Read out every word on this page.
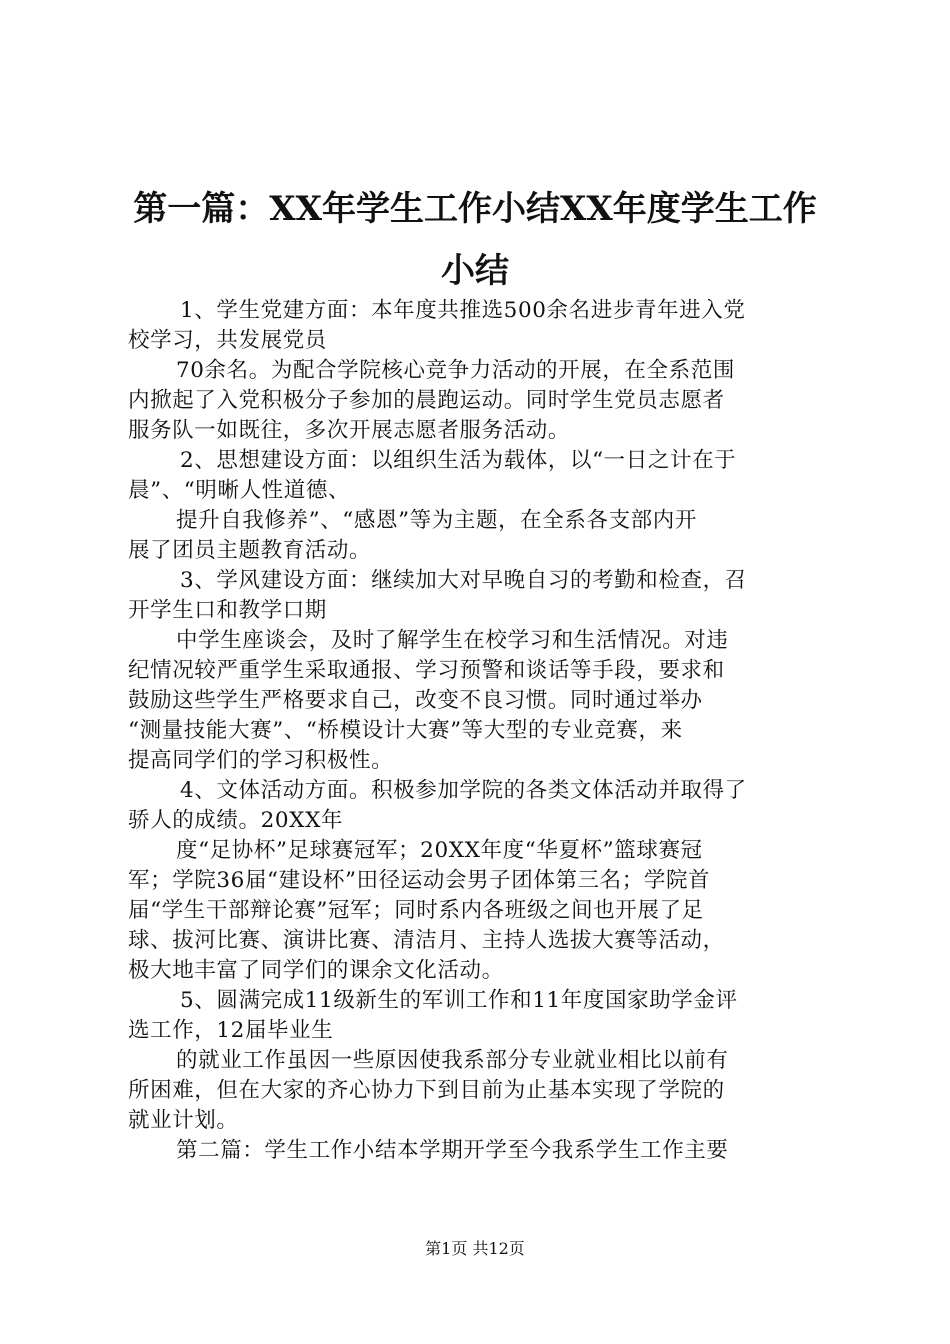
第一篇：XX年学生工作小结XX年度学生工作
小结
1、学生党建方面：本年度共推选500余名进步青年进入党
校学习，共发展党员
70余名。为配合学院核心竞争力活动的开展，在全系范围
内掀起了入党积极分子参加的晨跑运动。同时学生党员志愿者
服务队一如既往，多次开展志愿者服务活动。
2、思想建设方面：以组织生活为载体，以“一日之计在于
晨”、“明晰人性道德、
提升自我修养”、“感恩”等为主题，在全系各支部内开
展了团员主题教育活动。
3、学风建设方面：继续加大对早晚自习的考勤和检查，召
开学生口和教学口期
中学生座谈会，及时了解学生在校学习和生活情况。对违
纪情况较严重学生采取通报、学习预警和谈话等手段，要求和
鼓励这些学生严格要求自己，改变不良习惯。同时通过举办
“测量技能大赛”、“桥模设计大赛”等大型的专业竞赛，来
提高同学们的学习积极性。
4、文体活动方面。积极参加学院的各类文体活动并取得了
骄人的成绩。20XX年
度“足协杯”足球赛冠军；20XX年度“华夏杯”篮球赛冠
军；学院36届“建设杯”田径运动会男子团体第三名；学院首
届“学生干部辩论赛”冠军；同时系内各班级之间也开展了足
球、拔河比赛、演讲比赛、清洁月、主持人选拔大赛等活动，
极大地丰富了同学们的课余文化活动。
5、圆满完成11级新生的军训工作和11年度国家助学金评
选工作，12届毕业生
的就业工作虽因一些原因使我系部分专业就业相比以前有
所困难，但在大家的齐心协力下到目前为止基本实现了学院的
就业计划。
第二篇：学生工作小结本学期开学至今我系学生工作主要
第1页 共12页
